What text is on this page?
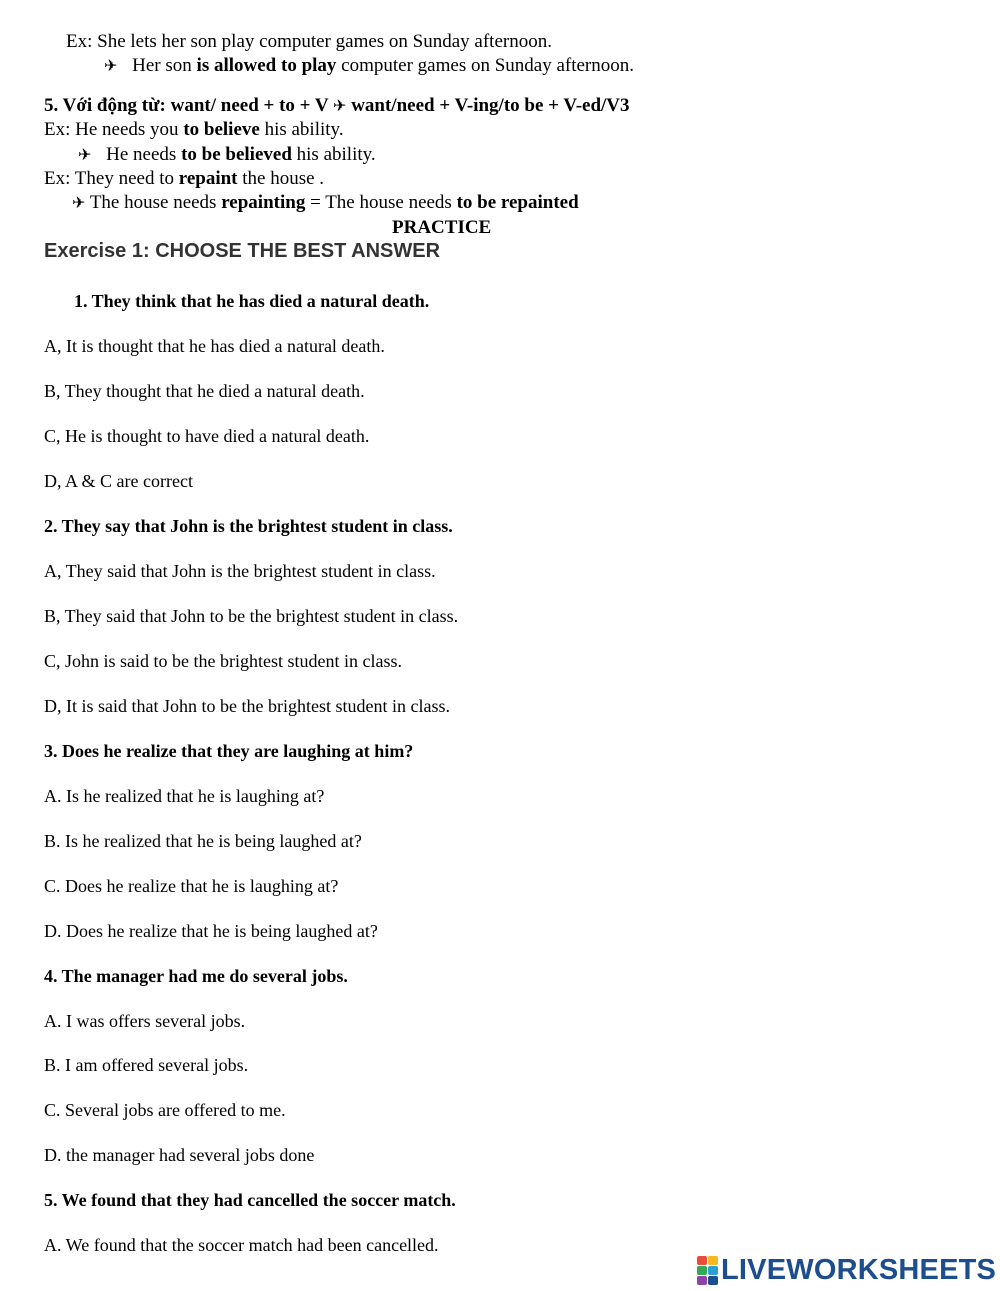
Ex: She lets her son play computer games on Sunday afternoon.
✈ Her son is allowed to play computer games on Sunday afternoon.
5. Với động từ: want/ need + to + V ✈ want/need + V-ing/to be + V-ed/V3
Ex: He needs you to believe his ability.
✈ He needs to be believed his ability.
Ex: They need to repaint the house .
✈ The house needs repainting = The house needs to be repainted
PRACTICE
Exercise 1: CHOOSE THE BEST ANSWER
1. They think that he has died a natural death.
A, It is thought that he has died a natural death.
B, They thought that he died a natural death.
C, He is thought to have died a natural death.
D, A & C are correct
2. They say that John is the brightest student in class.
A, They said that John is the brightest student in class.
B, They said that John to be the brightest student in class.
C, John is said to be the brightest student in class.
D, It is said that John to be the brightest student in class.
3. Does he realize that they are laughing at him?
A. Is he realized that he is laughing at?
B. Is he realized that he is being laughed at?
C. Does he realize that he is laughing at?
D. Does he realize that he is being laughed at?
4. The manager had me do several jobs.
A. I was offers several jobs.
B. I am offered several jobs.
C. Several jobs are offered to me.
D. the manager had several jobs done
5. We found that they had cancelled the soccer match.
A. We found that the soccer match had been cancelled.
LIVEWORKSHEETS
